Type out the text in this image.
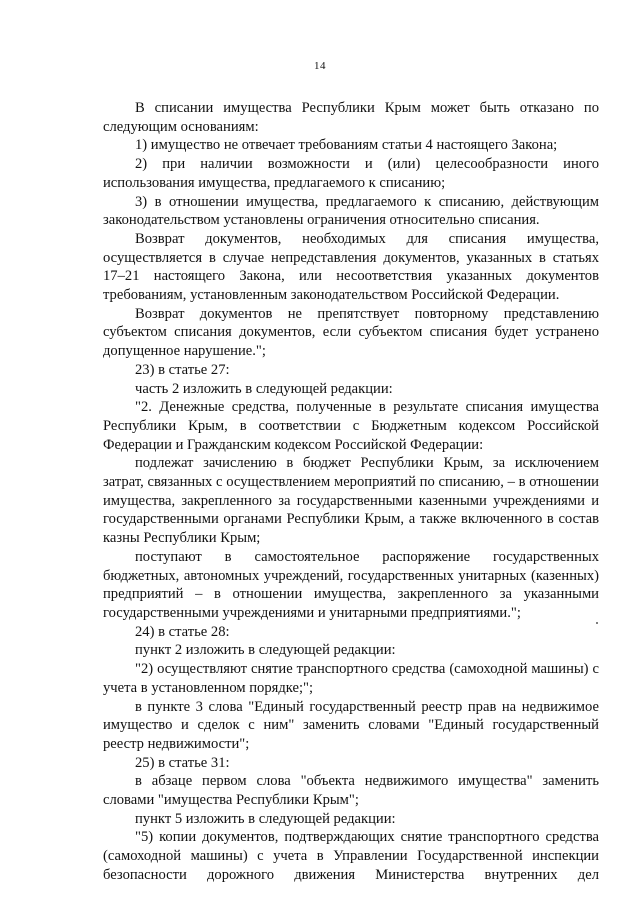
14

В списании имущества Республики Крым может быть отказано по следующим основаниям:

1) имущество не отвечает требованиям статьи 4 настоящего Закона;

2) при наличии возможности и (или) целесообразности иного использования имущества, предлагаемого к списанию;

3) в отношении имущества, предлагаемого к списанию, действующим законодательством установлены ограничения относительно списания.

Возврат документов, необходимых для списания имущества, осуществляется в случае непредставления документов, указанных в статьях 17–21 настоящего Закона, или несоответствия указанных документов требованиям, установленным законодательством Российской Федерации.

Возврат документов не препятствует повторному представлению субъектом списания документов, если субъектом списания будет устранено допущенное нарушение.";

23) в статье 27:

часть 2 изложить в следующей редакции:

"2. Денежные средства, полученные в результате списания имущества Республики Крым, в соответствии с Бюджетным кодексом Российской Федерации и Гражданским кодексом Российской Федерации:

подлежат зачислению в бюджет Республики Крым, за исключением затрат, связанных с осуществлением мероприятий по списанию, – в отношении имущества, закрепленного за государственными казенными учреждениями и государственными органами Республики Крым, а также включенного в состав казны Республики Крым;

поступают в самостоятельное распоряжение государственных бюджетных, автономных учреждений, государственных унитарных (казенных) предприятий – в отношении имущества, закрепленного за указанными государственными учреждениями и унитарными предприятиями.";

24) в статье 28:

пункт 2 изложить в следующей редакции:

"2) осуществляют снятие транспортного средства (самоходной машины) с учета в установленном порядке;";

в пункте 3 слова "Единый государственный реестр прав на недвижимое имущество и сделок с ним" заменить словами "Единый государственный реестр недвижимости";

25) в статье 31:

в абзаце первом слова "объекта недвижимого имущества" заменить словами "имущества Республики Крым";

пункт 5 изложить в следующей редакции:

"5) копии документов, подтверждающих снятие транспортного средства (самоходной машины) с учета в Управлении Государственной инспекции безопасности дорожного движения Министерства внутренних дел
